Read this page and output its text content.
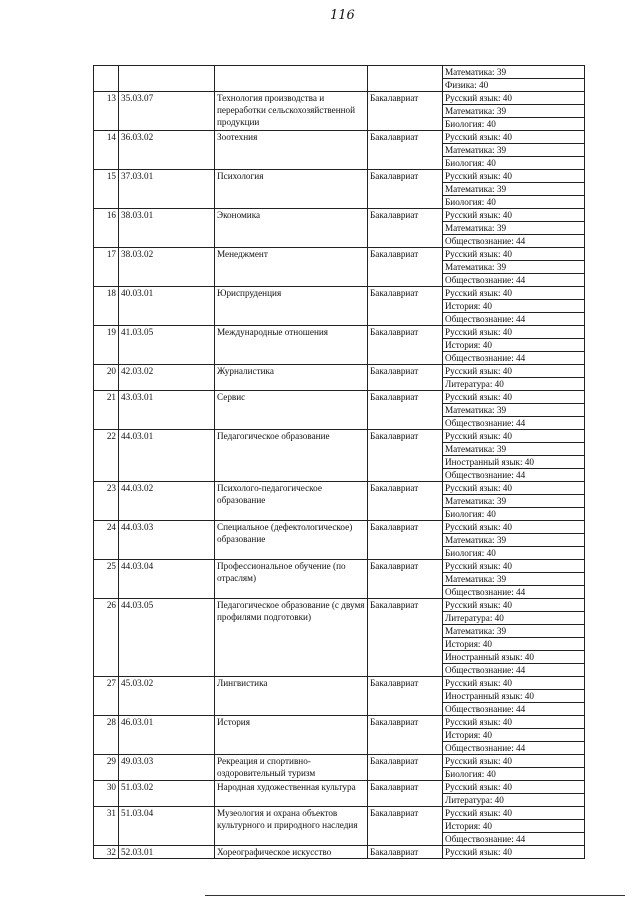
116
				Математика: 39
				Физика: 40
13	35.03.07	Технология производства и переработки сельскохозяйственной продукции	Бакалавриат	Русский язык: 40
				Математика: 39
				Биология: 40
14	36.03.02	Зоотехния	Бакалавриат	Русский язык: 40
				Математика: 39
				Биология: 40
15	37.03.01	Психология	Бакалавриат	Русский язык: 40
				Математика: 39
				Биология: 40
16	38.03.01	Экономика	Бакалавриат	Русский язык: 40
				Математика: 39
				Обществознание: 44
17	38.03.02	Менеджмент	Бакалавриат	Русский язык: 40
				Математика: 39
				Обществознание: 44
18	40.03.01	Юриспруденция	Бакалавриат	Русский язык: 40
				История: 40
				Обществознание: 44
19	41.03.05	Международные отношения	Бакалавриат	Русский язык: 40
				История: 40
				Обществознание: 44
20	42.03.02	Журналистика	Бакалавриат	Русский язык: 40
				Литература: 40
21	43.03.01	Сервис	Бакалавриат	Русский язык: 40
				Математика: 39
				Обществознание: 44
22	44.03.01	Педагогическое образование	Бакалавриат	Русский язык: 40
				Математика: 39
				Иностранный язык: 40
				Обществознание: 44
23	44.03.02	Психолого-педагогическое образование	Бакалавриат	Русский язык: 40
				Математика: 39
				Биология: 40
24	44.03.03	Специальное (дефектологическое) образование	Бакалавриат	Русский язык: 40
				Математика: 39
				Биология: 40
25	44.03.04	Профессиональное обучение (по отраслям)	Бакалавриат	Русский язык: 40
				Математика: 39
				Обществознание: 44
26	44.03.05	Педагогическое образование (с двумя профилями подготовки)	Бакалавриат	Русский язык: 40
				Литература: 40
				Математика: 39
				История: 40
				Иностранный язык: 40
				Обществознание: 44
27	45.03.02	Лингвистика	Бакалавриат	Русский язык: 40
				Иностранный язык: 40
				Обществознание: 44
28	46.03.01	История	Бакалавриат	Русский язык: 40
				История: 40
				Обществознание: 44
29	49.03.03	Рекреация и спортивно-оздоровительный туризм	Бакалавриат	Русский язык: 40
				Биология: 40
30	51.03.02	Народная художественная культура	Бакалавриат	Русский язык: 40
				Литература: 40
31	51.03.04	Музеология и охрана объектов культурного и природного наследия	Бакалавриат	Русский язык: 40
				История: 40
				Обществознание: 44
32	52.03.01	Хореографическое искусство	Бакалавриат	Русский язык: 40
